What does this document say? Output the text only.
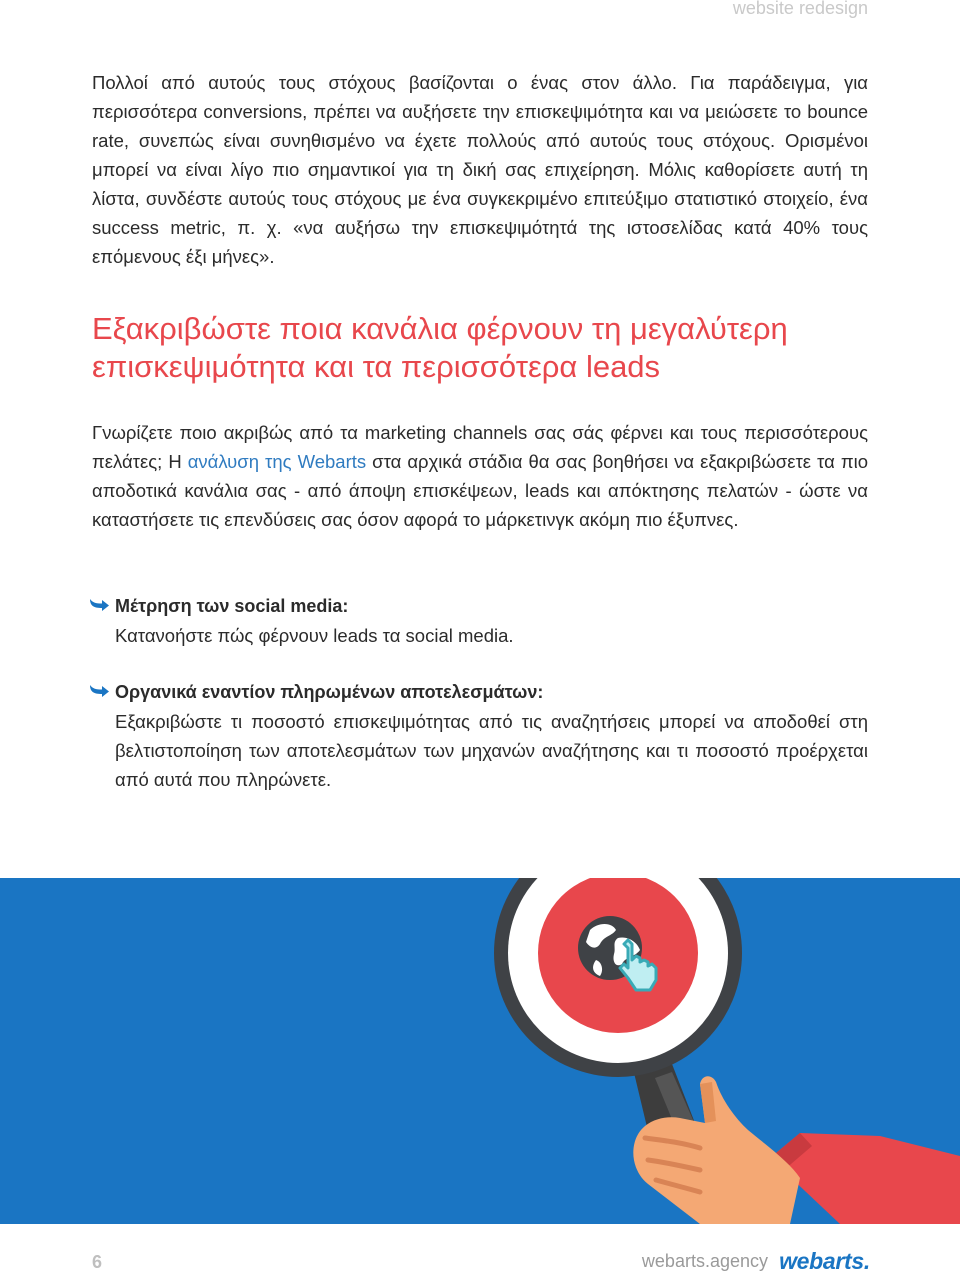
website redesign

Πολλοί από αυτούς τους στόχους βασίζονται ο ένας στον άλλο. Για παράδειγμα, για περισσότερα conversions, πρέπει να αυξήσετε την επισκεψιμότητα και να μειώσετε το bounce rate, συνεπώς είναι συνηθισμένο να έχετε πολλούς από αυτούς τους στόχους. Ορισμένοι μπορεί να είναι λίγο πιο σημαντικοί για τη δική σας επιχείρηση. Μόλις καθορίσετε αυτή τη λίστα, συνδέστε αυτούς τους στόχους με ένα συγκεκριμένο επιτεύξιμο στατιστικό στοιχείο, ένα success metric, π. χ. «να αυξήσω την επισκεψιμότητά της ιστοσελίδας κατά 40% τους επόμενους έξι μήνες».

Εξακριβώστε ποια κανάλια φέρνουν τη μεγαλύτερη επισκεψιμότητα και τα περισσότερα leads

Γνωρίζετε ποιο ακριβώς από τα marketing channels σας σάς φέρνει και τους περισσότερους πελάτες; Η ανάλυση της Webarts στα αρχικά στάδια θα σας βοηθήσει να εξακριβώσετε τα πιο αποδοτικά κανάλια σας - από άποψη επισκέψεων, leads και απόκτησης πελατών - ώστε να καταστήσετε τις επενδύσεις σας όσον αφορά το μάρκετινγκ ακόμη πιο έξυπνες.

Μέτρηση των social media:
Κατανοήστε πώς φέρνουν leads τα social media.
Οργανικά εναντίον πληρωμένων αποτελεσμάτων:
Εξακριβώστε τι ποσοστό επισκεψιμότητας από τις αναζητήσεις μπορεί να αποδοθεί στη βελτιστοποίηση των αποτελεσμάτων των μηχανών αναζήτησης και τι ποσοστό προέρχεται από αυτά που πληρώνετε.
6	webarts.agency webarts.
